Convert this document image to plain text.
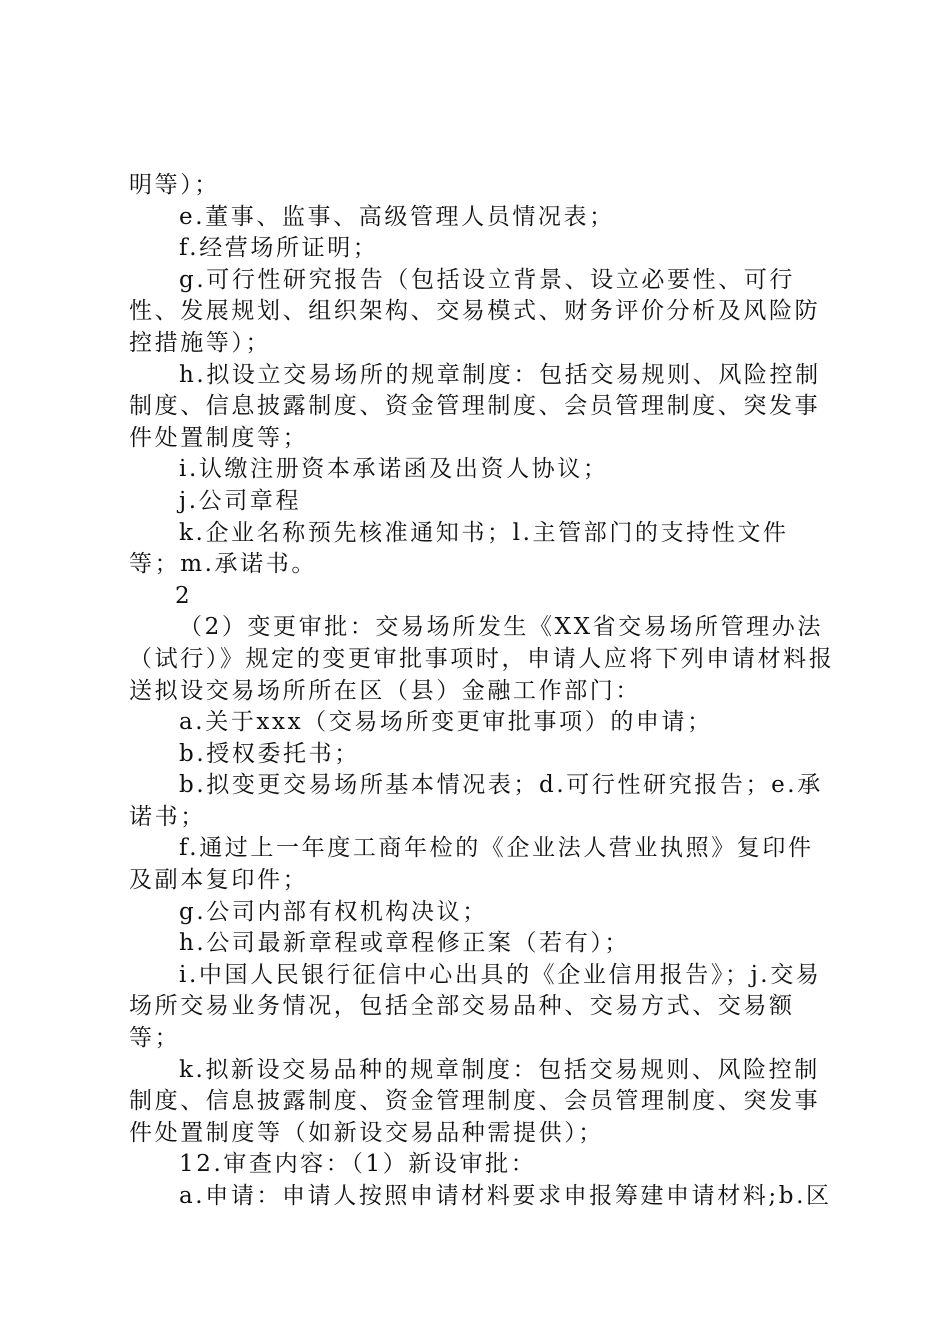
明等）；

e.董事、监事、高级管理人员情况表；

f.经营场所证明；

g.可行性研究报告（包括设立背景、设立必要性、可行性、发展规划、组织架构、交易模式、财务评价分析及风险防控措施等）；

h.拟设立交易场所的规章制度：包括交易规则、风险控制制度、信息披露制度、资金管理制度、会员管理制度、突发事件处置制度等；

i.认缴注册资本承诺函及出资人协议；

j.公司章程

k.企业名称预先核准通知书；l.主管部门的支持性文件等；m.承诺书。

2

（2）变更审批：交易场所发生《XX省交易场所管理办法（试行）》规定的变更审批事项时，申请人应将下列申请材料报送拟设交易场所所在区（县）金融工作部门：

a.关于xxx（交易场所变更审批事项）的申请；

b.授权委托书；

b.拟变更交易场所基本情况表；d.可行性研究报告；e.承诺书；

f.通过上一年度工商年检的《企业法人营业执照》复印件及副本复印件；

g.公司内部有权机构决议；

h.公司最新章程或章程修正案（若有）；

i.中国人民银行征信中心出具的《企业信用报告》；j.交易场所交易业务情况，包括全部交易品种、交易方式、交易额等；

k.拟新设交易品种的规章制度：包括交易规则、风险控制制度、信息披露制度、资金管理制度、会员管理制度、突发事件处置制度等（如新设交易品种需提供）；

12.审查内容：（1）新设审批：

a.申请：申请人按照申请材料要求申报筹建申请材料;b.区
